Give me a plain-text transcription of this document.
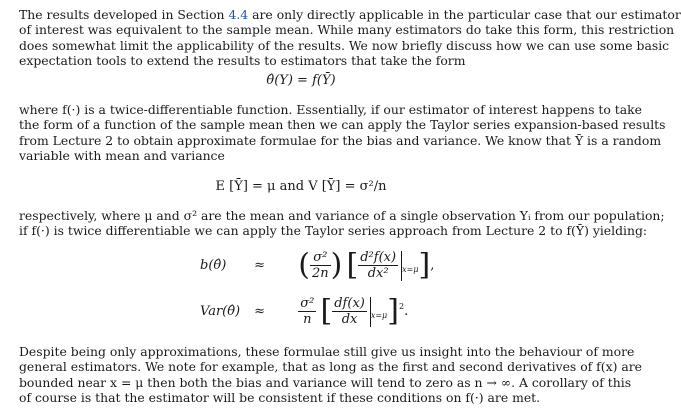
The results developed in Section 4.4 are only directly applicable in the particular case that our estimator
of interest was equivalent to the sample mean. While many estimators do take this form, this restriction
does somewhat limit the applicability of the results. We now briefly discuss how we can use some basic
expectation tools to extend the results to estimators that take the form

θ̂(Y) = f(Ȳ)

where f(·) is a twice-differentiable function. Essentially, if our estimator of interest happens to take
the form of a function of the sample mean then we can apply the Taylor series expansion-based results
from Lecture 2 to obtain approximate formulae for the bias and variance. We know that Ȳ is a random
variable with mean and variance

E [Ȳ] = μ and V [Ȳ] = σ²/n

respectively, where μ and σ² are the mean and variance of a single observation Yᵢ from our population;
if f(·) is twice differentiable we can apply the Taylor series approach from Lecture 2 to f(Ȳ) yielding:

b(θ̂) ≈ ( $\frac{\text{σ²}}{2n}$ ) [ $\frac{\text{d²f(x)}}{\text{dx²}} _{x=\mu}$],
Var(θ̂) ≈	$\frac{\text{σ²}}{n}$ [ $\frac{df(x)}{dx} _{x=\mu}]^2$.

Despite being only approximations, these formulae still give us insight into the behaviour of more
general estimators. We note for example, that as long as the first and second derivatives of f(x) are
bounded near x = μ then both the bias and variance will tend to zero as n → ∞. A corollary of this
of course is that the estimator will be consistent if these conditions on f(·) are met.
